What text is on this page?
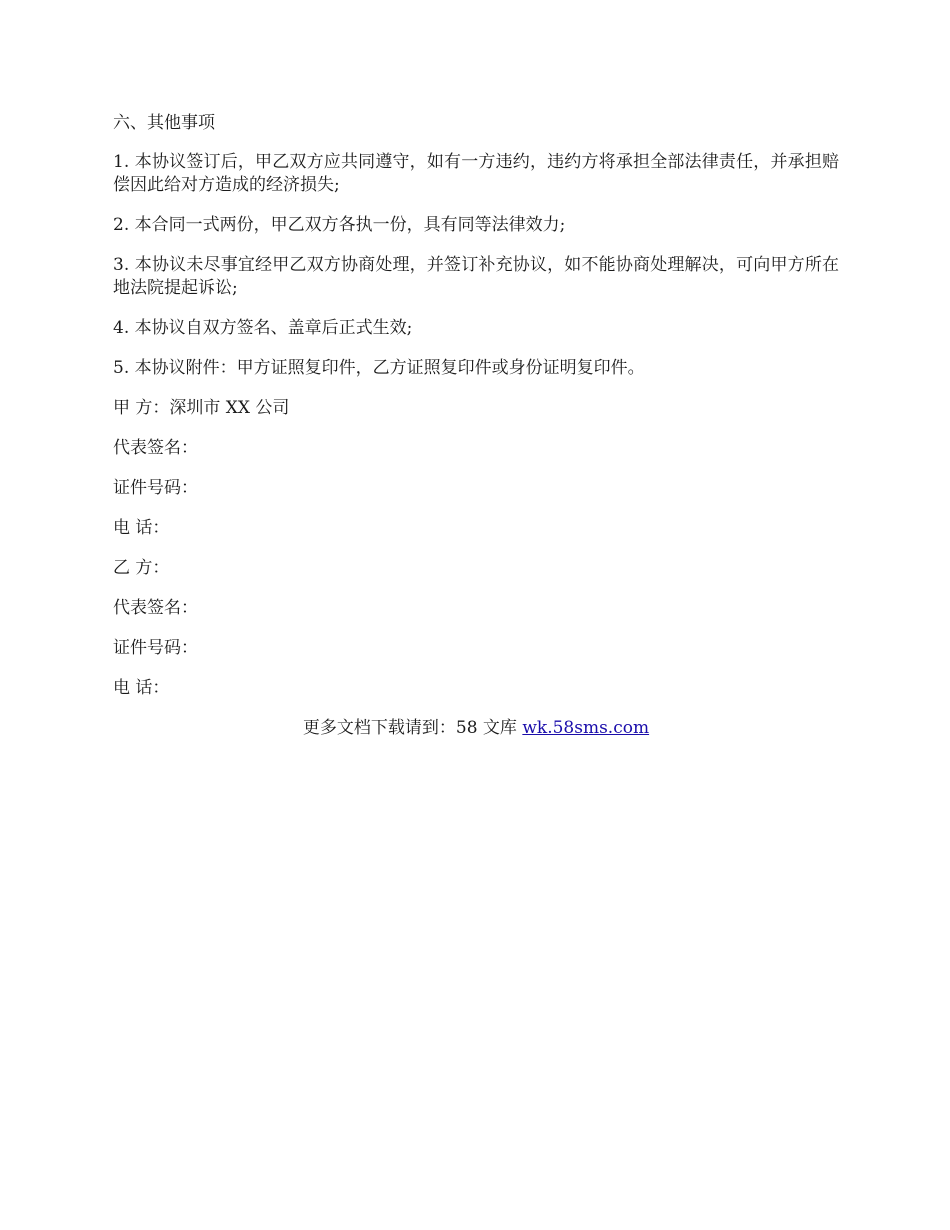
六、其他事项

1. 本协议签订后，甲乙双方应共同遵守，如有一方违约，违约方将承担全部法律责任，并承担赔偿因此给对方造成的经济损失;

2. 本合同一式两份，甲乙双方各执一份，具有同等法律效力;

3. 本协议未尽事宜经甲乙双方协商处理，并签订补充协议，如不能协商处理解决，可向甲方所在地法院提起诉讼;

4. 本协议自双方签名、盖章后正式生效;

5. 本协议附件：甲方证照复印件，乙方证照复印件或身份证明复印件。

甲 方：深圳市 XX 公司

代表签名：

证件号码：

电 话：

乙 方：

代表签名：

证件号码：

电 话：

更多文档下载请到：58 文库 wk.58sms.com
